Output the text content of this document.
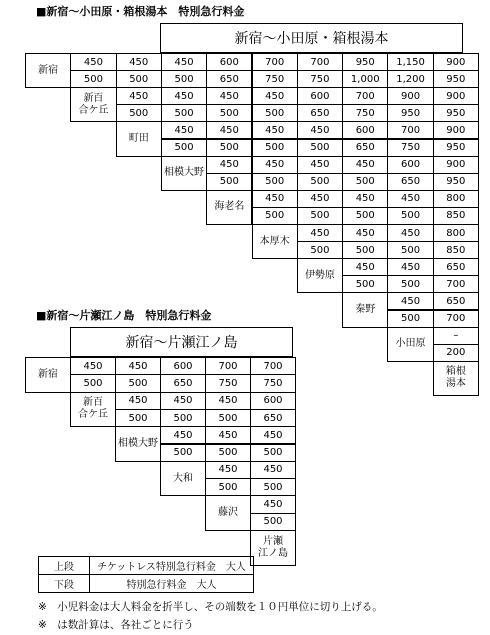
■新宿〜小田原・箱根湯本　特別急行料金
新宿〜小田原・箱根湯本
新宿
450
500
450
500
450
500
600
650
700
750
700
750
950
1,000
1,150
1,200
900
950
新百
合ケ丘
450
500
450
500
450
500
450
500
600
650
700
750
900
950
900
950
町田
450
500
450
500
450
500
450
500
600
650
700
750
900
950
相模大野
450
500
450
500
450
500
450
500
600
650
900
950
海老名
450
500
450
500
450
500
450
500
800
850
本厚木
450
500
450
500
450
500
800
850
伊勢原
450
500
450
500
650
700
秦野
450
500
650
700
小田原
–
200
箱根
湯本
■新宿〜片瀬江ノ島　特別急行料金
新宿〜片瀬江ノ島
新宿
450
500
450
500
600
650
700
750
700
750
新百
合ケ丘
450
500
450
500
450
500
600
650
相模大野
450
500
450
500
450
500
大和
450
500
450
500
藤沢
450
500
片瀬
江ノ島
上段	チケットレス特別急行料金　大人
下段	特別急行料金　大人
※　小児料金は大人料金を折半し、その端数を１０円単位に切り上げる。
※　は数計算は、各社ごとに行う
